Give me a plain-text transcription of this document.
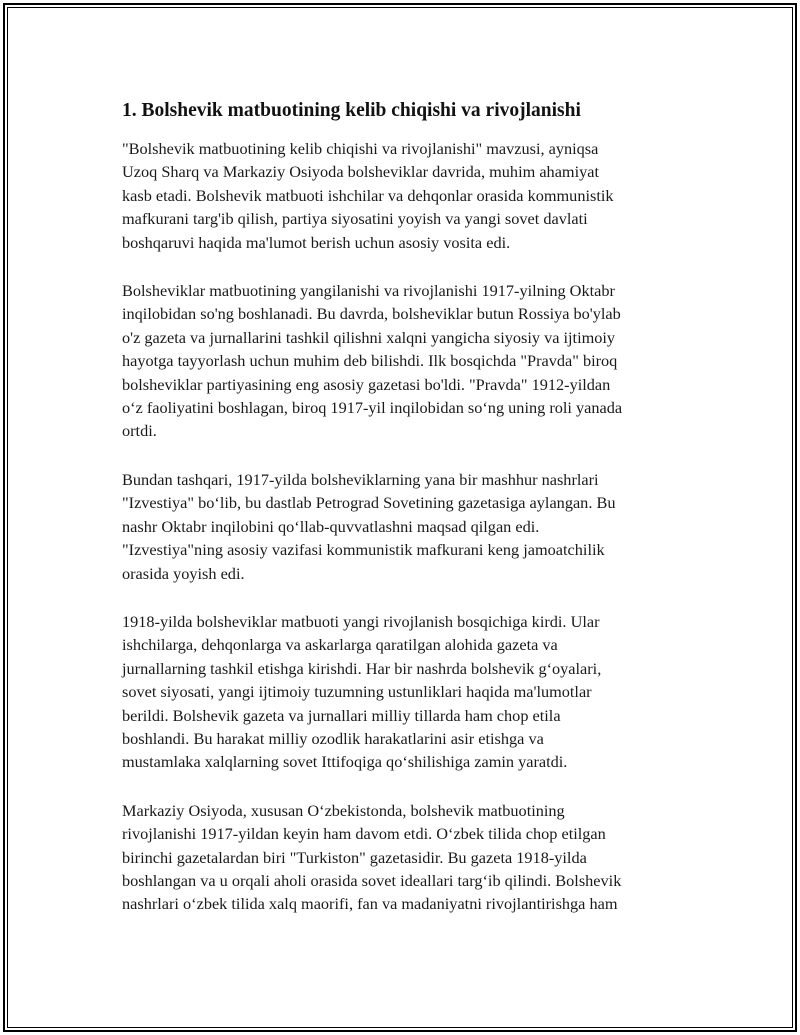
1. Bolshevik matbuotining kelib chiqishi va rivojlanishi

"Bolshevik matbuotining kelib chiqishi va rivojlanishi" mavzusi, ayniqsa
Uzoq Sharq va Markaziy Osiyoda bolsheviklar davrida, muhim ahamiyat
kasb etadi. Bolshevik matbuoti ishchilar va dehqonlar orasida kommunistik
mafkurani targ'ib qilish, partiya siyosatini yoyish va yangi sovet davlati
boshqaruvi haqida ma'lumot berish uchun asosiy vosita edi.

Bolsheviklar matbuotining yangilanishi va rivojlanishi 1917-yilning Oktabr
inqilobidan so'ng boshlanadi. Bu davrda, bolsheviklar butun Rossiya bo'ylab
o'z gazeta va jurnallarini tashkil qilishni xalqni yangicha siyosiy va ijtimoiy
hayotga tayyorlash uchun muhim deb bilishdi. Ilk bosqichda "Pravda" biroq
bolsheviklar partiyasining eng asosiy gazetasi bo'ldi. "Pravda" 1912-yildan
o‘z faoliyatini boshlagan, biroq 1917-yil inqilobidan so‘ng uning roli yanada
ortdi.

Bundan tashqari, 1917-yilda bolsheviklarning yana bir mashhur nashrlari
"Izvestiya" bo‘lib, bu dastlab Petrograd Sovetining gazetasiga aylangan. Bu
nashr Oktabr inqilobini qo‘llab-quvvatlashni maqsad qilgan edi.
"Izvestiya"ning asosiy vazifasi kommunistik mafkurani keng jamoatchilik
orasida yoyish edi.

1918-yilda bolsheviklar matbuoti yangi rivojlanish bosqichiga kirdi. Ular
ishchilarga, dehqonlarga va askarlarga qaratilgan alohida gazeta va
jurnallarning tashkil etishga kirishdi. Har bir nashrda bolshevik g‘oyalari,
sovet siyosati, yangi ijtimoiy tuzumning ustunliklari haqida ma'lumotlar
berildi. Bolshevik gazeta va jurnallari milliy tillarda ham chop etila
boshlandi. Bu harakat milliy ozodlik harakatlarini asir etishga va
mustamlaka xalqlarning sovet Ittifoqiga qo‘shilishiga zamin yaratdi.

Markaziy Osiyoda, xususan O‘zbekistonda, bolshevik matbuotining
rivojlanishi 1917-yildan keyin ham davom etdi. O‘zbek tilida chop etilgan
birinchi gazetalardan biri "Turkiston" gazetasidir. Bu gazeta 1918-yilda
boshlangan va u orqali aholi orasida sovet ideallari targ‘ib qilindi. Bolshevik
nashrlari o‘zbek tilida xalq maorifi, fan va madaniyatni rivojlantirishga ham
